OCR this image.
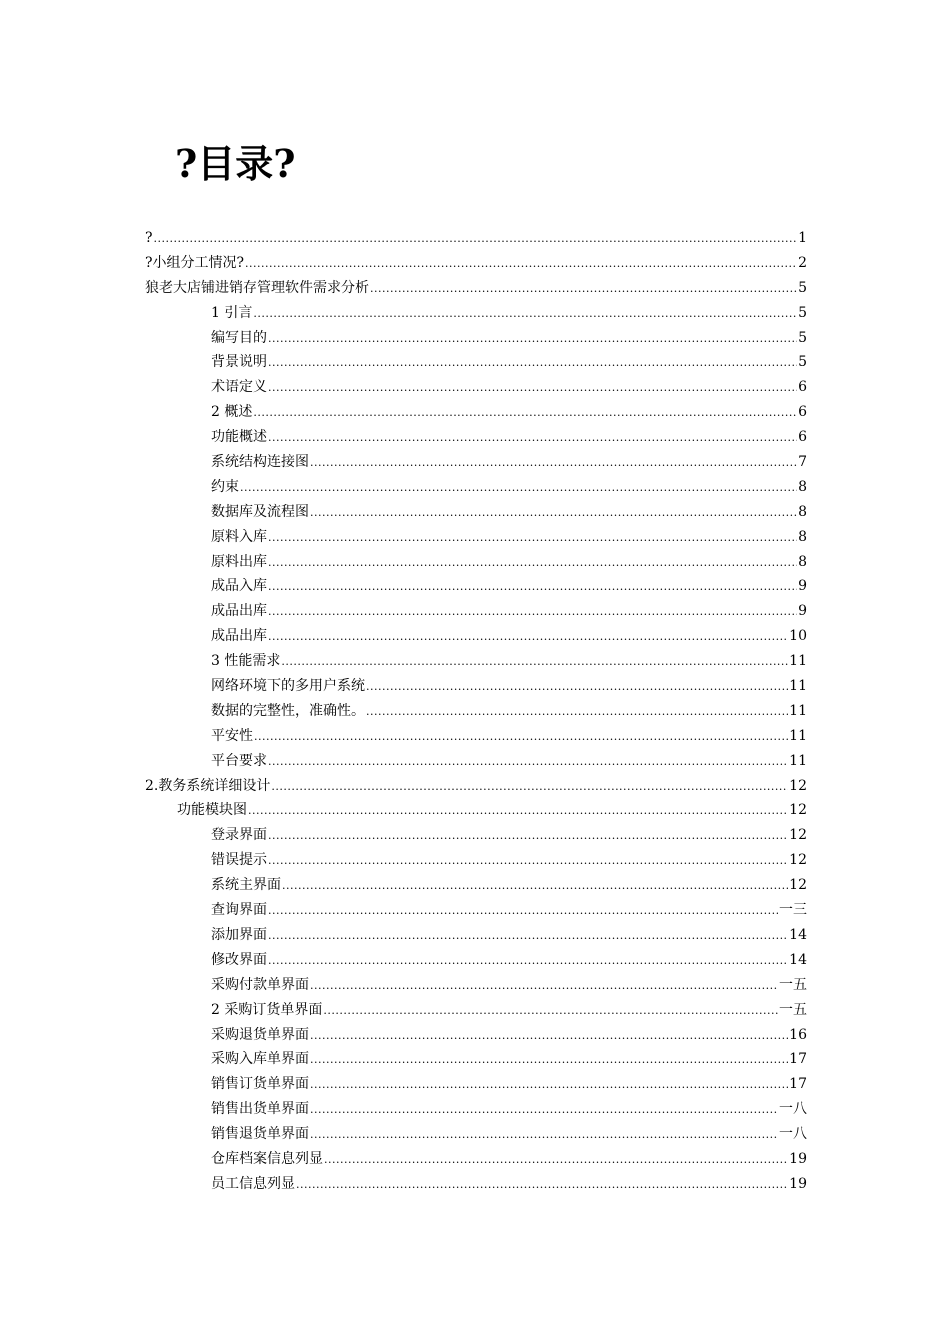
?目录?
? .....	1
?小组分工情况? .....	2
狼老大店铺进销存管理软件需求分析 .....	5
1 引言 .....	5
编写目的 .....	5
背景说明 .....	5
术语定义 .....	6
2 概述 .....	6
功能概述 .....	6
系统结构连接图 .....	7
约束 .....	8
数据库及流程图 .....	8
原料入库 .....	8
原料出库 .....	8
成品入库 .....	9
成品出库 .....	9
成品出库 .....	10
3 性能需求 .....	11
网络环境下的多用户系统 .....	11
数据的完整性，准确性。 .....	11
平安性 .....	11
平台要求 .....	11
2.教务系统详细设计 .....	12
功能模块图 .....	12
登录界面 .....	12
错误提示 .....	12
系统主界面 .....	12
查询界面 .....	一三
添加界面 .....	14
修改界面 .....	14
采购付款单界面 .....	一五
2 采购订货单界面 .....	一五
采购退货单界面 .....	16
采购入库单界面 .....	17
销售订货单界面 .....	17
销售出货单界面 .....	一八
销售退货单界面 .....	一八
仓库档案信息列显 .....	19
员工信息列显 .....	19
